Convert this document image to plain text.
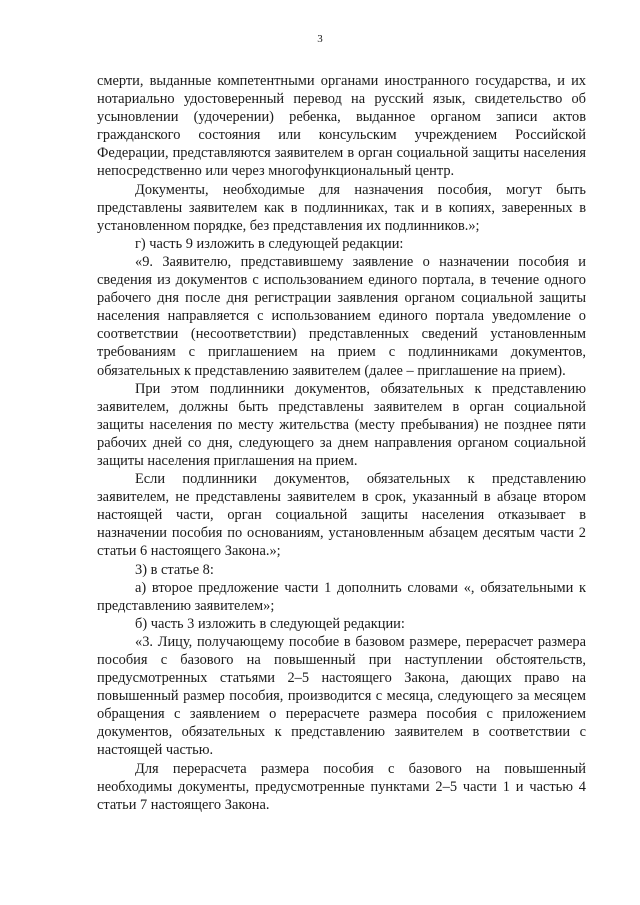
3

смерти, выданные компетентными органами иностранного государства, и их нотариально удостоверенный перевод на русский язык, свидетельство об усыновлении (удочерении) ребенка, выданное органом записи актов гражданского состояния или консульским учреждением Российской Федерации, представляются заявителем в орган социальной защиты населения непосредственно или через многофункциональный центр.

Документы, необходимые для назначения пособия, могут быть представлены заявителем как в подлинниках, так и в копиях, заверенных в установленном порядке, без представления их подлинников.»;

г) часть 9 изложить в следующей редакции:

«9. Заявителю, представившему заявление о назначении пособия и сведения из документов с использованием единого портала, в течение одного рабочего дня после дня регистрации заявления органом социальной защиты населения направляется с использованием единого портала уведомление о соответствии (несоответствии) представленных сведений установленным требованиям с приглашением на прием с подлинниками документов, обязательных к представлению заявителем (далее – приглашение на прием).

При этом подлинники документов, обязательных к представлению заявителем, должны быть представлены заявителем в орган социальной защиты населения по месту жительства (месту пребывания) не позднее пяти рабочих дней со дня, следующего за днем направления органом социальной защиты населения приглашения на прием.

Если подлинники документов, обязательных к представлению заявителем, не представлены заявителем в срок, указанный в абзаце втором настоящей части, орган социальной защиты населения отказывает в назначении пособия по основаниям, установленным абзацем десятым части 2 статьи 6 настоящего Закона.»;

3) в статье 8:

а) второе предложение части 1 дополнить словами «, обязательными к представлению заявителем»;

б) часть 3 изложить в следующей редакции:

«3. Лицу, получающему пособие в базовом размере, перерасчет размера пособия с базового на повышенный при наступлении обстоятельств, предусмотренных статьями 2–5 настоящего Закона, дающих право на повышенный размер пособия, производится с месяца, следующего за месяцем обращения с заявлением о перерасчете размера пособия с приложением документов, обязательных к представлению заявителем в соответствии с настоящей частью.

Для перерасчета размера пособия с базового на повышенный необходимы документы, предусмотренные пунктами 2–5 части 1 и частью 4 статьи 7 настоящего Закона.
